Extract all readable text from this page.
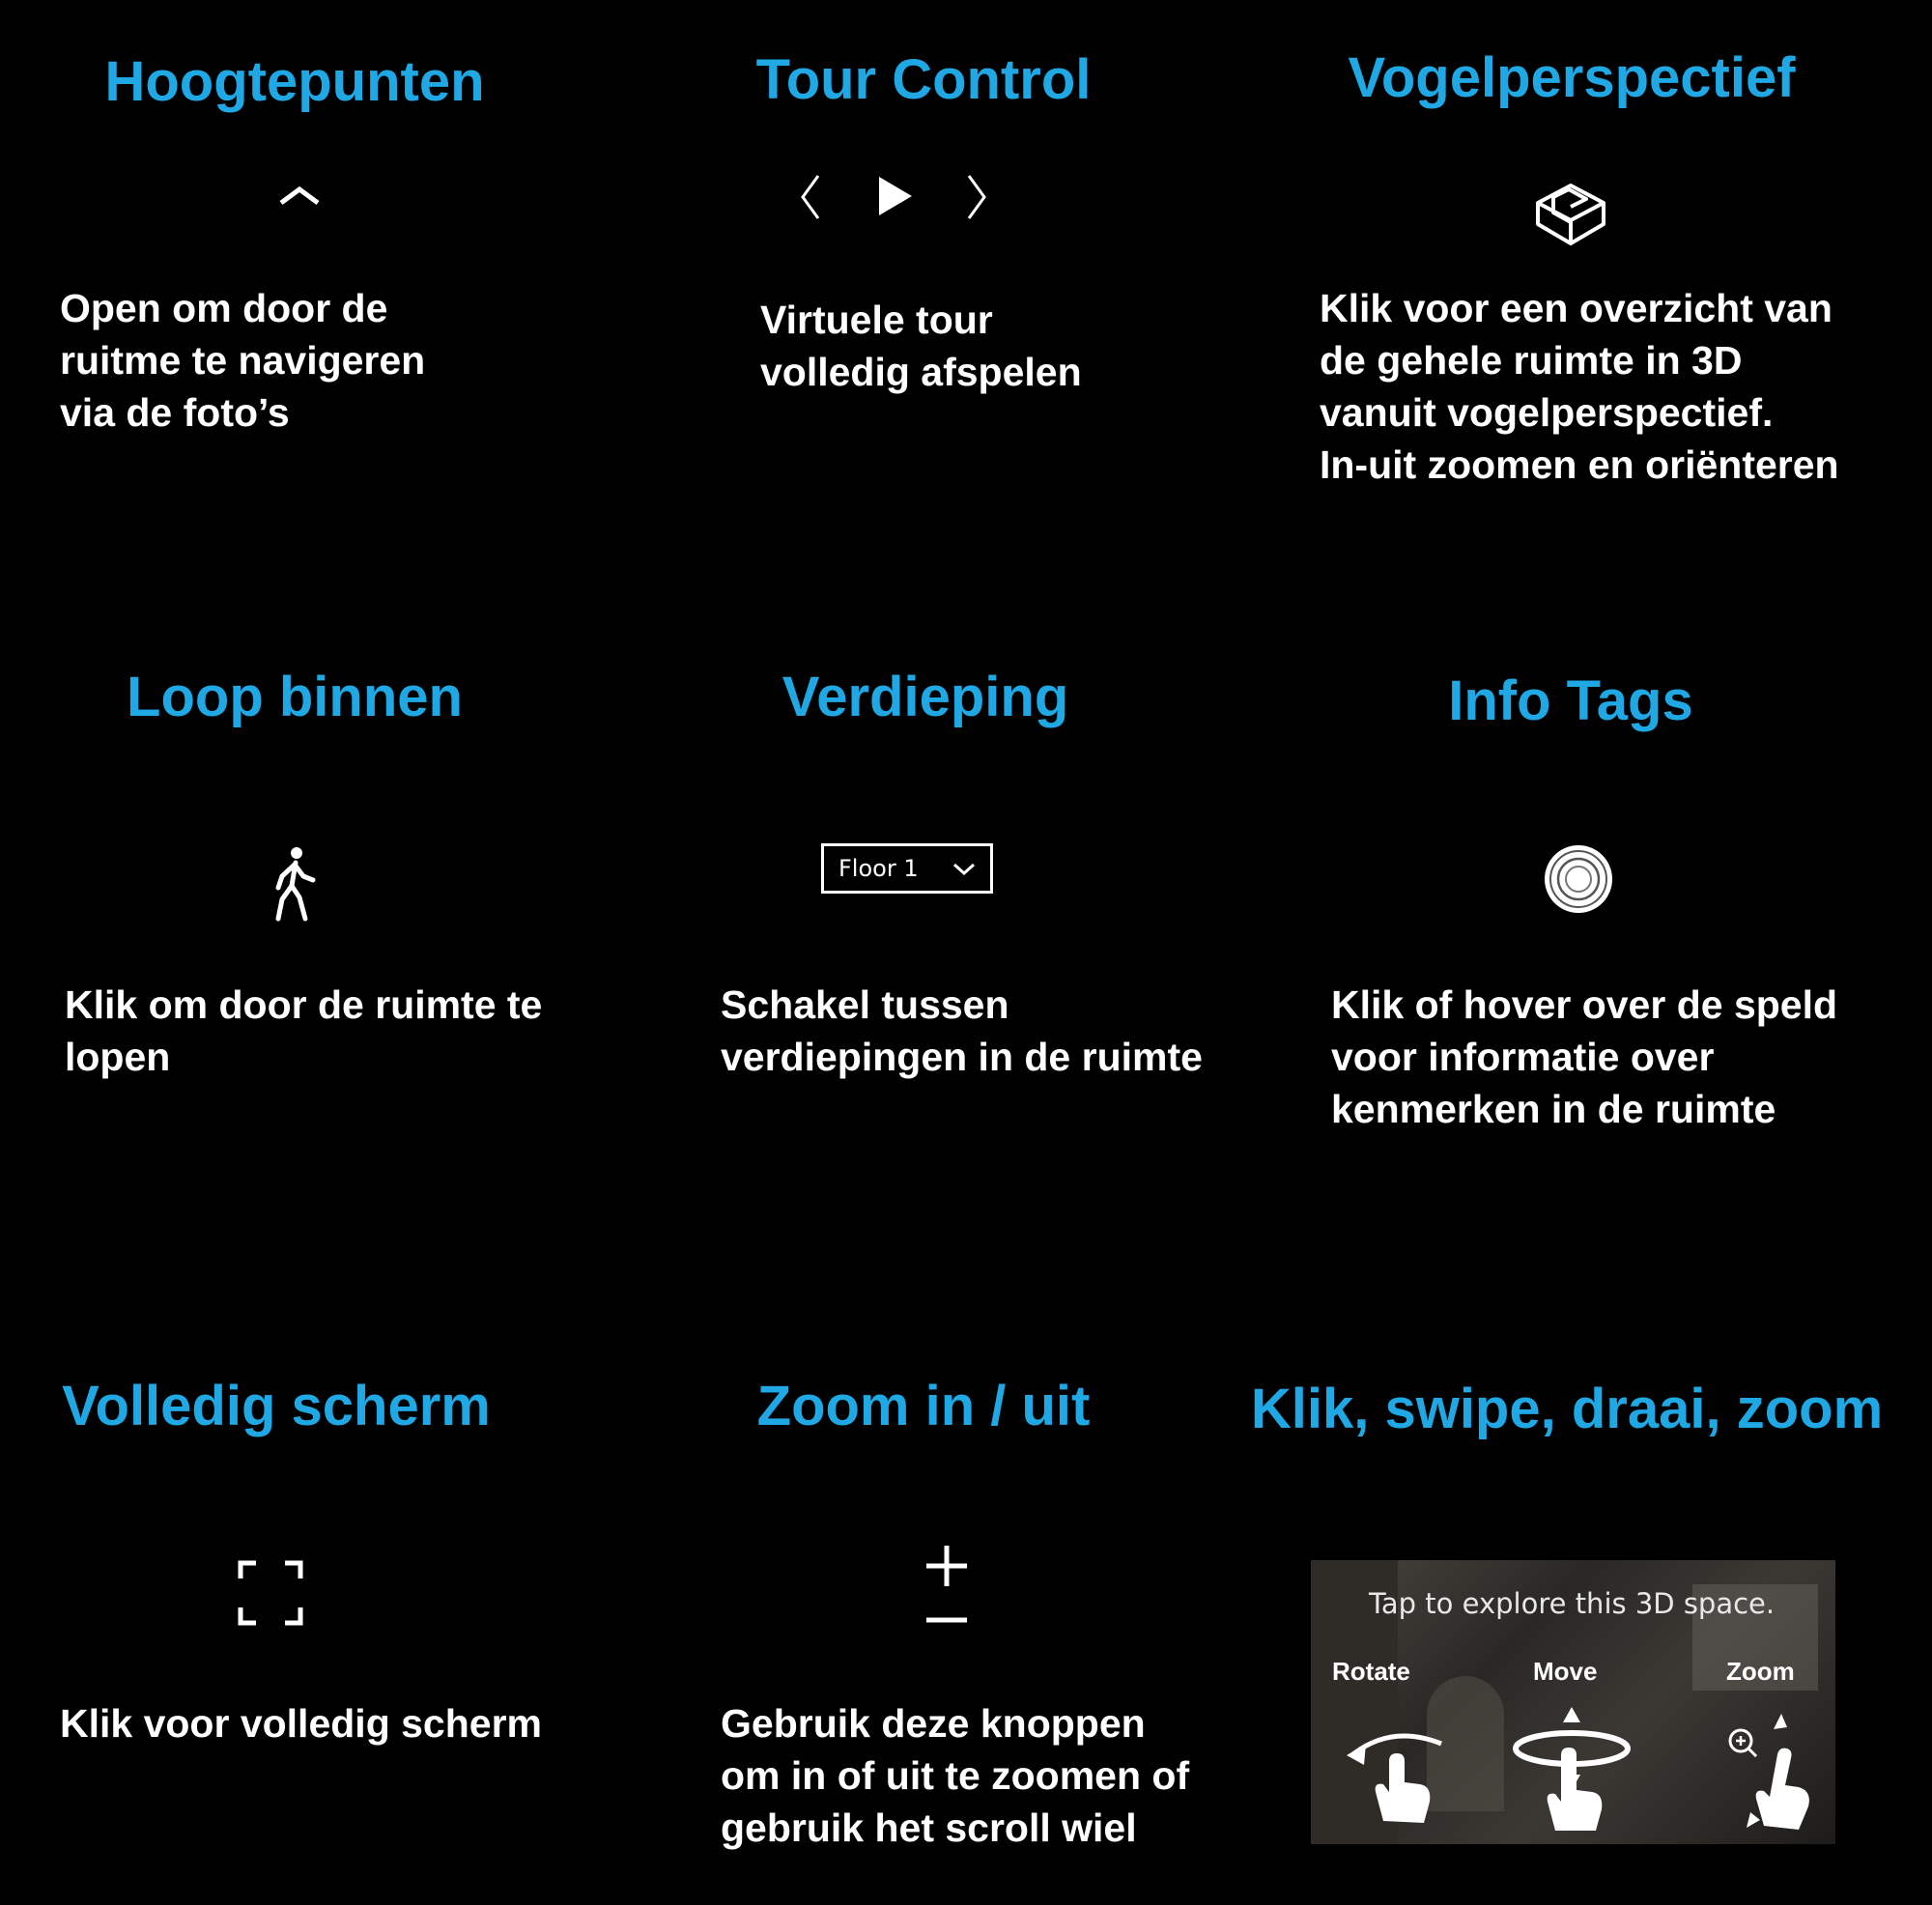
Hoogtepunten	Tour Control	Vogelperspectief
Loop binnen	Verdieping	Info Tags
Volledig scherm	Zoom in / uit	Klik, swipe, draai, zoom
Floor 1
Tap to explore this 3D space.
Rotate	Move	Zoom
Open om door de
ruitme te navigeren
via de foto’s
Virtuele tour
volledig afspelen
Klik voor een overzicht van
de gehele ruimte in 3D
vanuit vogelperspectief.
In-uit zoomen en oriënteren
Klik om door de ruimte te
lopen
Schakel tussen
verdiepingen in de ruimte
Klik of hover over de speld
voor informatie over
kenmerken in de ruimte
Klik voor volledig scherm	Gebruik deze knoppen
om in of uit te zoomen of
gebruik het scroll wiel
